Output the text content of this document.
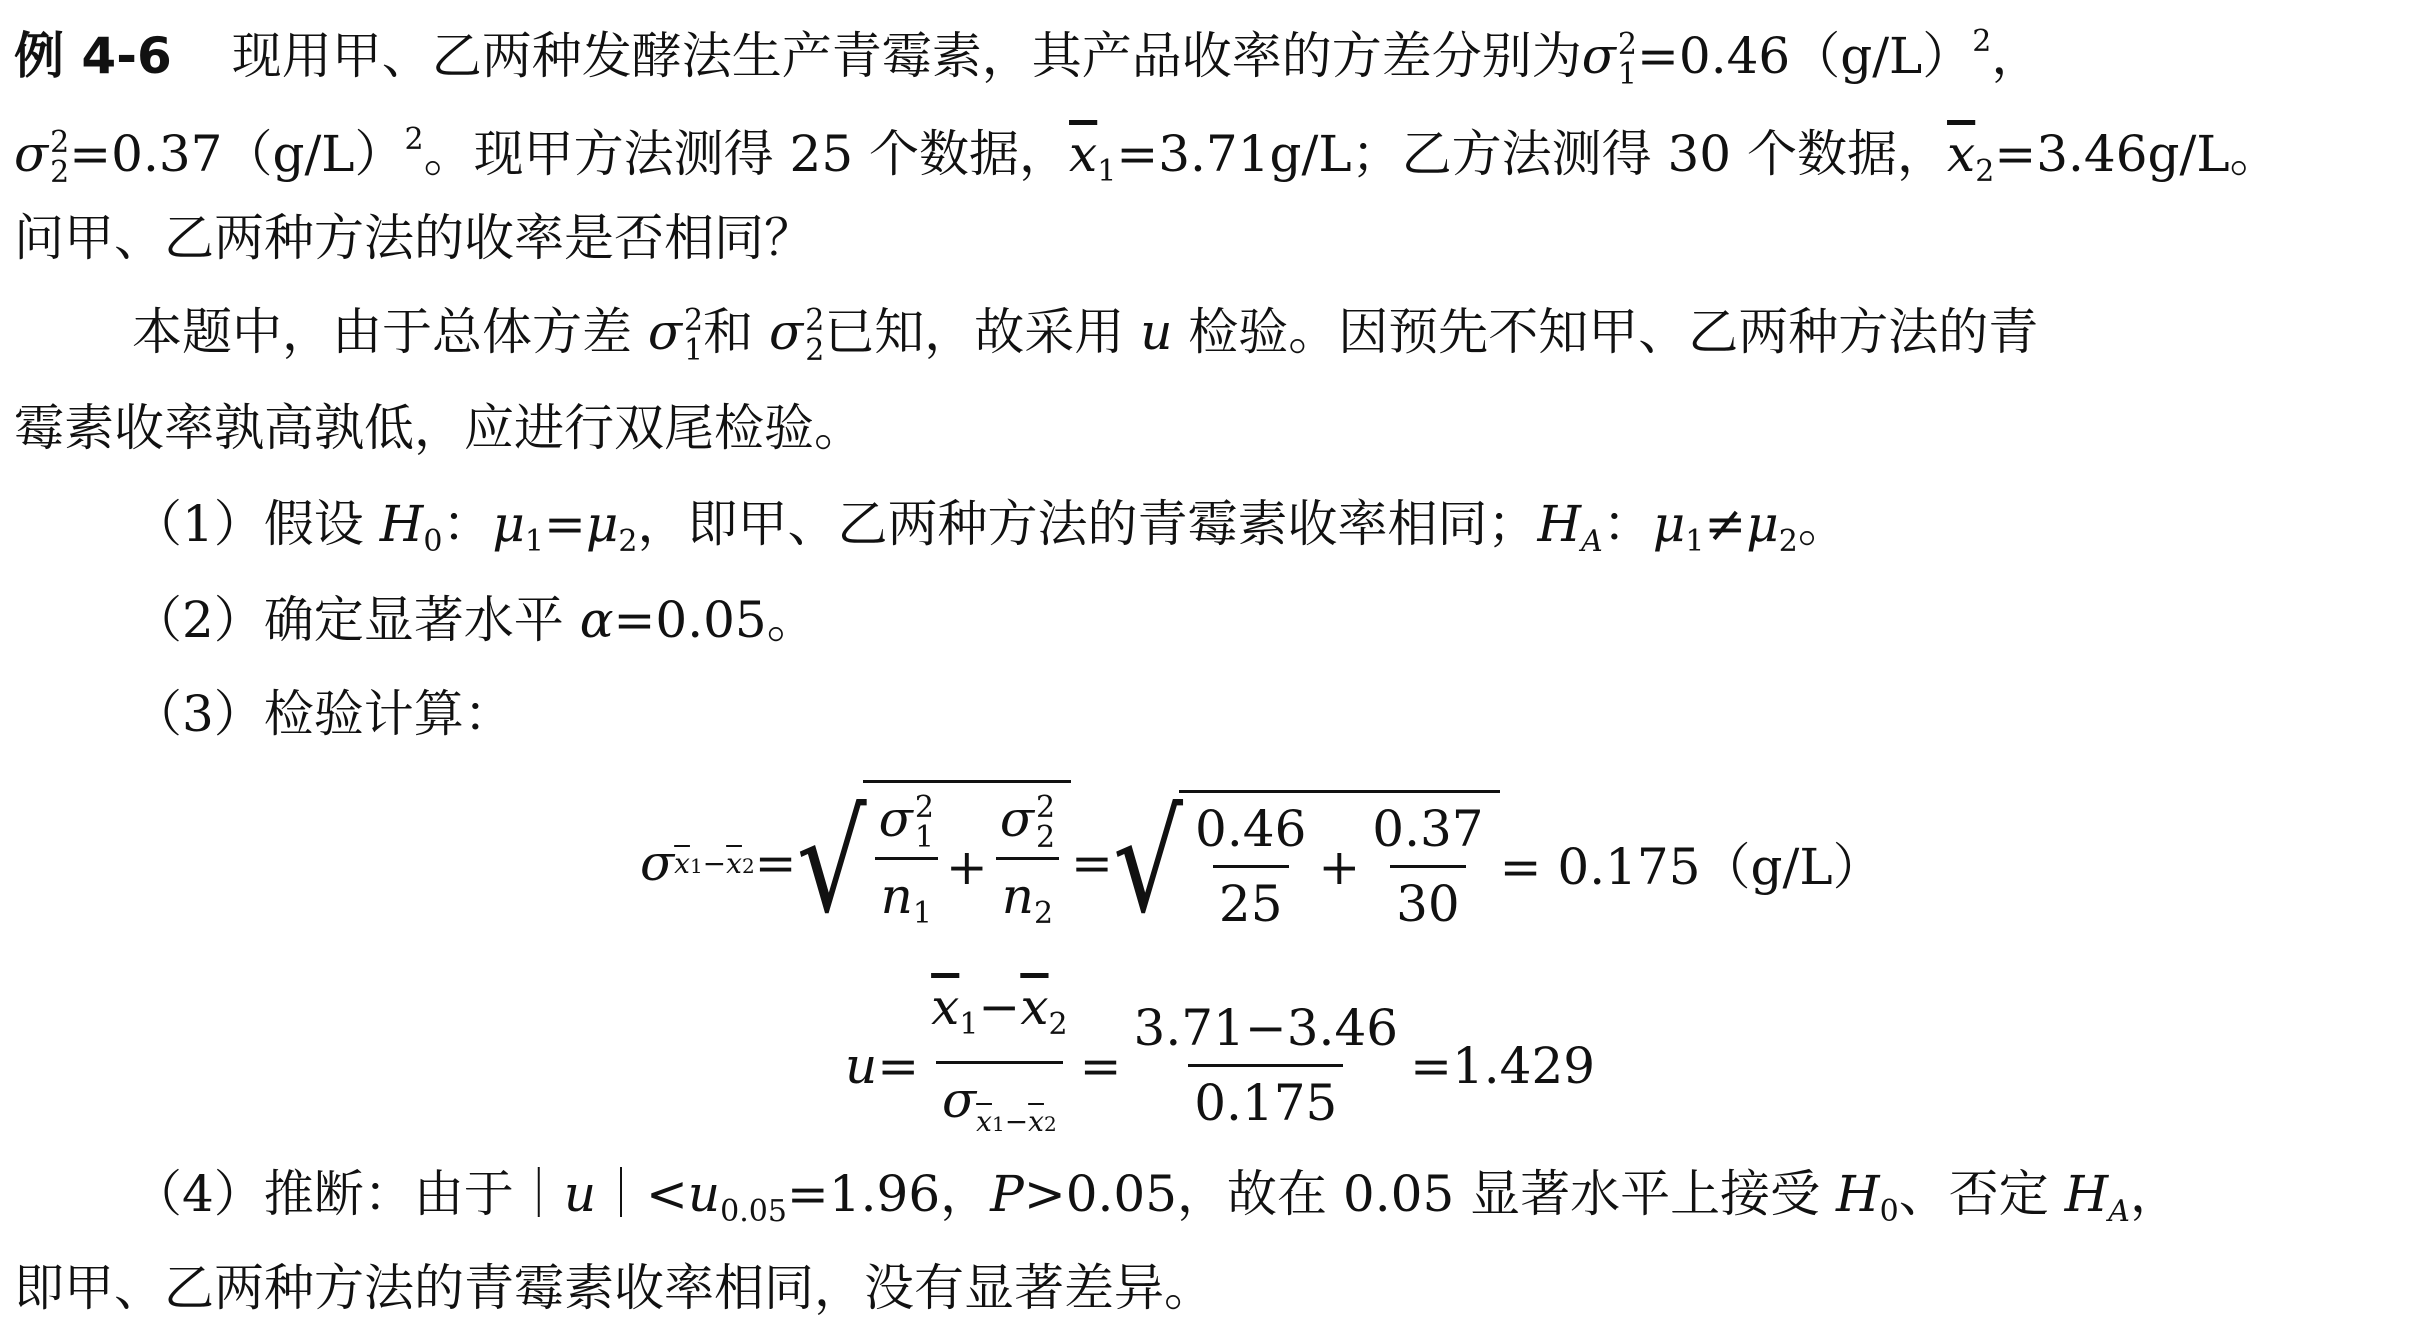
例 4-6 现用甲、乙两种发酵法生产青霉素，其产品收率的方差分别为σ 2
$1 =0.46(g/L)^2$，
σ 2
$2 =0.37(g/L)^2$。现甲方法测得 25 个数据，$\overline{x}_1=3.71g/L$；乙方法测得 30 个数据，$\overline{x}_2=3.46g/L$。
问甲、乙两种方法的收率是否相同？
本题中，由于总体方差 σ 2
1 和 σ 2
2 已知，故采用 u 检验。因预先不知甲、乙两种方法的青
霉素收率孰高孰低，应进行双尾检验。
（1）假设 $H_0$：$\mu_1=\mu_2$，即甲、乙两种方法的青霉素收率相同；$H_A$：$\mu_1\ne\mu_2$。
（2）确定显著水平 α=0.05。
（3）检验计算：
σ $\overline{x}1-\overline{x}2$ = √ σ 2
1
$n_1 + \sigma$ 2
2
$n_2$ = √ $\frac{0.46}{25} + \frac{0.37}{30} = 0.175(g/L)$
$u = \frac{\overline{x}_1-\overline{x}_2}{\sigma_{\overline{x}1-\overline{x}2}} = \frac{3.71-3.46}{0.175} =1.429$
（4）推断：由于$|u|<u_{0.05}=1.96$，P>0.05，故在 0.05 显著水平上接受 $H_0$、否定 $H_A$，
即甲、乙两种方法的青霉素收率相同，没有显著差异。
